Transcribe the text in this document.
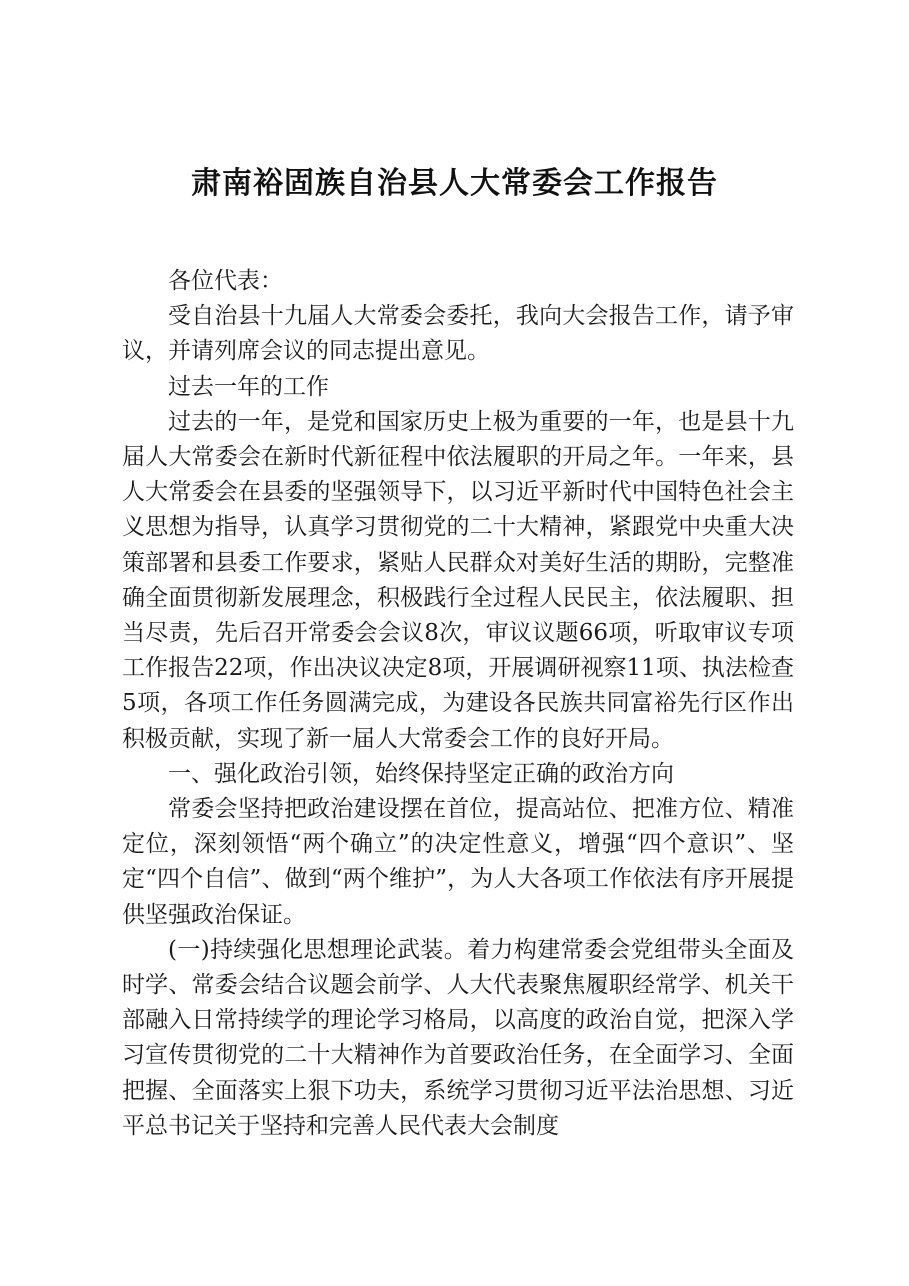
肃南裕固族自治县人大常委会工作报告

各位代表：

受自治县十九届人大常委会委托，我向大会报告工作，请予审议，并请列席会议的同志提出意见。

过去一年的工作

过去的一年，是党和国家历史上极为重要的一年，也是县十九届人大常委会在新时代新征程中依法履职的开局之年。一年来，县人大常委会在县委的坚强领导下，以习近平新时代中国特色社会主义思想为指导，认真学习贯彻党的二十大精神，紧跟党中央重大决策部署和县委工作要求，紧贴人民群众对美好生活的期盼，完整准确全面贯彻新发展理念，积极践行全过程人民民主，依法履职、担当尽责，先后召开常委会会议8次，审议议题66项，听取审议专项工作报告22项，作出决议决定8项，开展调研视察11项、执法检查5项，各项工作任务圆满完成，为建设各民族共同富裕先行区作出积极贡献，实现了新一届人大常委会工作的良好开局。

一、强化政治引领，始终保持坚定正确的政治方向

常委会坚持把政治建设摆在首位，提高站位、把准方位、精准定位，深刻领悟“两个确立”的决定性意义，增强“四个意识”、坚定“四个自信”、做到“两个维护”，为人大各项工作依法有序开展提供坚强政治保证。

(一)持续强化思想理论武装。着力构建常委会党组带头全面及时学、常委会结合议题会前学、人大代表聚焦履职经常学、机关干部融入日常持续学的理论学习格局，以高度的政治自觉，把深入学习宣传贯彻党的二十大精神作为首要政治任务，在全面学习、全面把握、全面落实上狠下功夫，系统学习贯彻习近平法治思想、习近平总书记关于坚持和完善人民代表大会制度
